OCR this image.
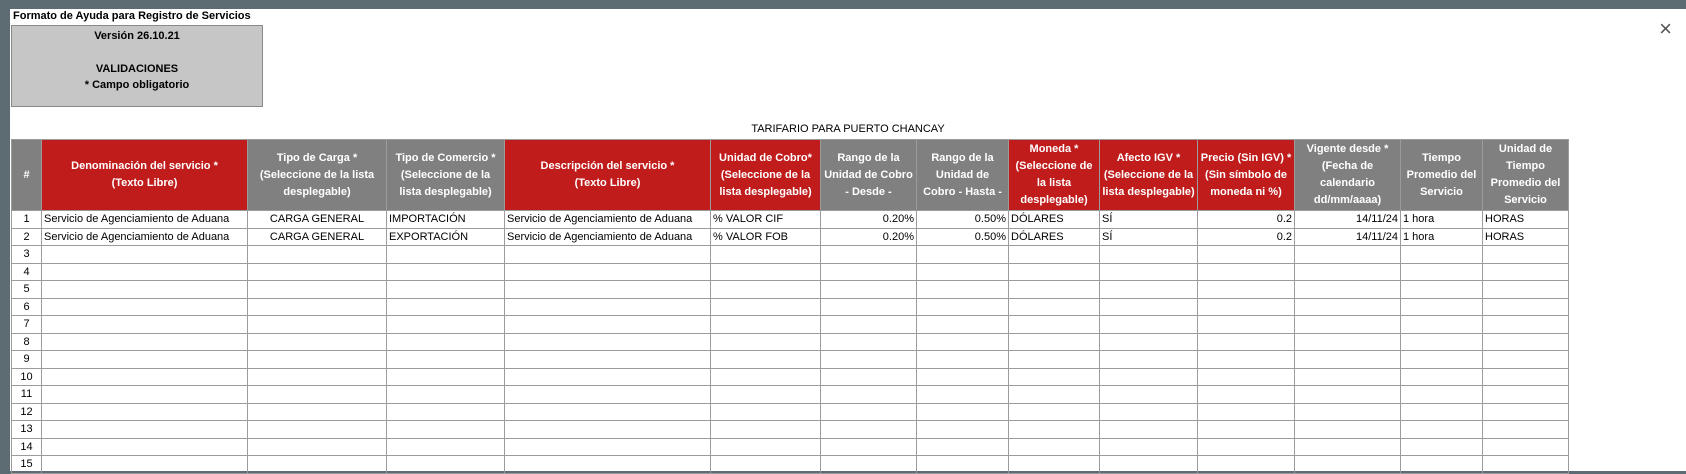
Formato de Ayuda para Registro de Servicios	×
Versión 26.10.21
VALIDACIONES
* Campo obligatorio
TARIFARIO PARA PUERTO CHANCAY
#	Denominación del servicio *
(Texto Libre)	Tipo de Carga *
(Seleccione de la lista desplegable)	Tipo de Comercio *
(Seleccione de la lista desplegable)	Descripción del servicio *
(Texto Libre)	Unidad de Cobro*
(Seleccione de la lista desplegable)	Rango de la Unidad de Cobro - Desde -	Rango de la Unidad de Cobro - Hasta -	Moneda *
(Seleccione de la lista desplegable)	Afecto IGV *
(Seleccione de la lista desplegable)	Precio (Sin IGV) *
(Sin símbolo de moneda ni %)	Vigente desde *
(Fecha de calendario dd/mm/aaaa)	Tiempo Promedio del Servicio	Unidad de Tiempo Promedio del Servicio
1	Servicio de Agenciamiento de Aduana	CARGA GENERAL	IMPORTACIÓN	Servicio de Agenciamiento de Aduana	% VALOR CIF	0.20%	0.50%	DÓLARES	SÍ	0.2	14/11/24	1 hora	HORAS
2	Servicio de Agenciamiento de Aduana	CARGA GENERAL	EXPORTACIÓN	Servicio de Agenciamiento de Aduana	% VALOR FOB	0.20%	0.50%	DÓLARES	SÍ	0.2	14/11/24	1 hora	HORAS
3													
4													
5													
6													
7													
8													
9													
10													
11													
12													
13													
14													
15													
